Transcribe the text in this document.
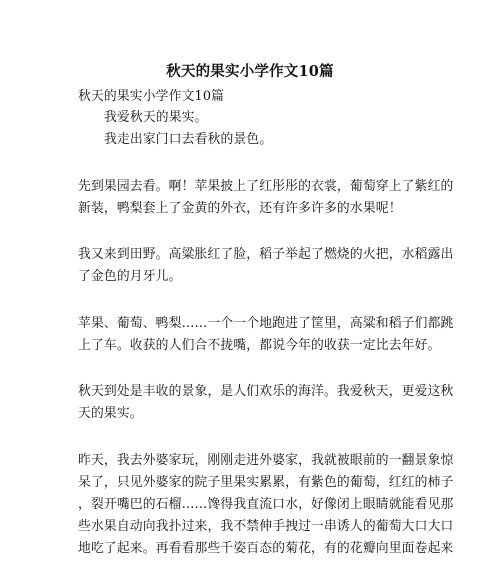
秋天的果实小学作文10篇
秋天的果实小学作文10篇
我爱秋天的果实。
我走出家门口去看秋的景色。
先到果园去看。啊！苹果披上了红彤彤的衣裳，葡萄穿上了紫红的
新装，鸭梨套上了金黄的外衣，还有许多许多的水果呢！
我又来到田野。高粱胀红了脸，稻子举起了燃烧的火把，水稻露出
了金色的月牙儿。
苹果、葡萄、鸭梨……一个一个地跑进了筐里，高粱和稻子们都跳
上了车。收获的人们合不拢嘴，都说今年的收获一定比去年好。
秋天到处是丰收的景象，是人们欢乐的海洋。我爱秋天，更爱这秋
天的果实。
昨天，我去外婆家玩，刚刚走进外婆家，我就被眼前的一翻景象惊
呆了，只见外婆家的院子里果实累累，有紫色的葡萄，红红的柿子
，裂开嘴巴的石榴……馋得我直流口水，好像闭上眼睛就能看见那
些水果自动向我扑过来，我不禁伸手拽过一串诱人的葡萄大口大口
地吃了起来。再看看那些千姿百态的菊花，有的花瓣向里面卷起来
